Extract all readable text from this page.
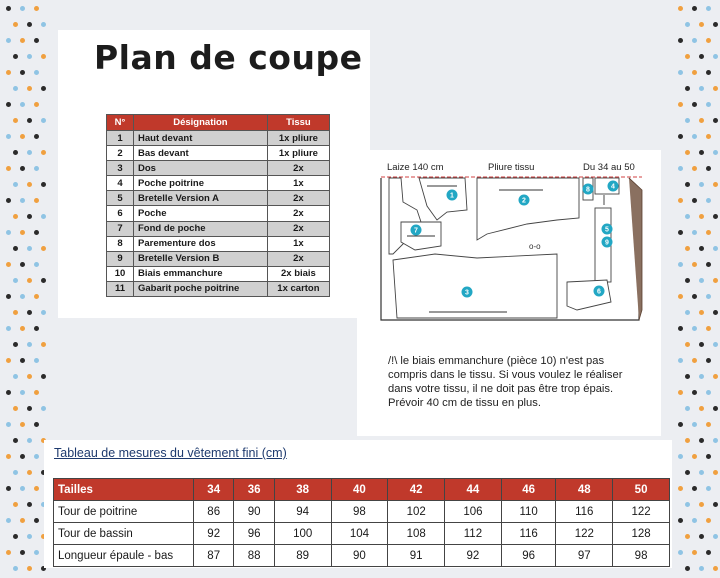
Plan de coupe
N°	Désignation	Tissu
1	Haut devant	1x pliure
2	Bas devant	1x pliure
3	Dos	2x
4	Poche poitrine	1x
5	Bretelle Version A	2x
6	Poche	2x
7	Fond de poche	2x
8	Parementure dos	1x
9	Bretelle Version B	2x
10	Biais emmanchure	2x biais
11	Gabarit poche poitrine	1x carton
Laize 140 cm	Pliure tissu	Du 34 au 50
o-o
1
2
3
4
5
6
7
8
9
/!\ le biais emmanchure (pièce 10) n'est pas compris dans le tissu. Si vous voulez le réaliser dans votre tissu, il ne doit pas être trop épais. Prévoir 40 cm de tissu en plus.
Tableau de mesures du vêtement fini (cm)
Tailles	34	36	38	40	42	44	46	48	50
Tour de poitrine	86	90	94	98	102	106	110	116	122
Tour de bassin	92	96	100	104	108	112	116	122	128
Longueur épaule - bas	87	88	89	90	91	92	96	97	98
